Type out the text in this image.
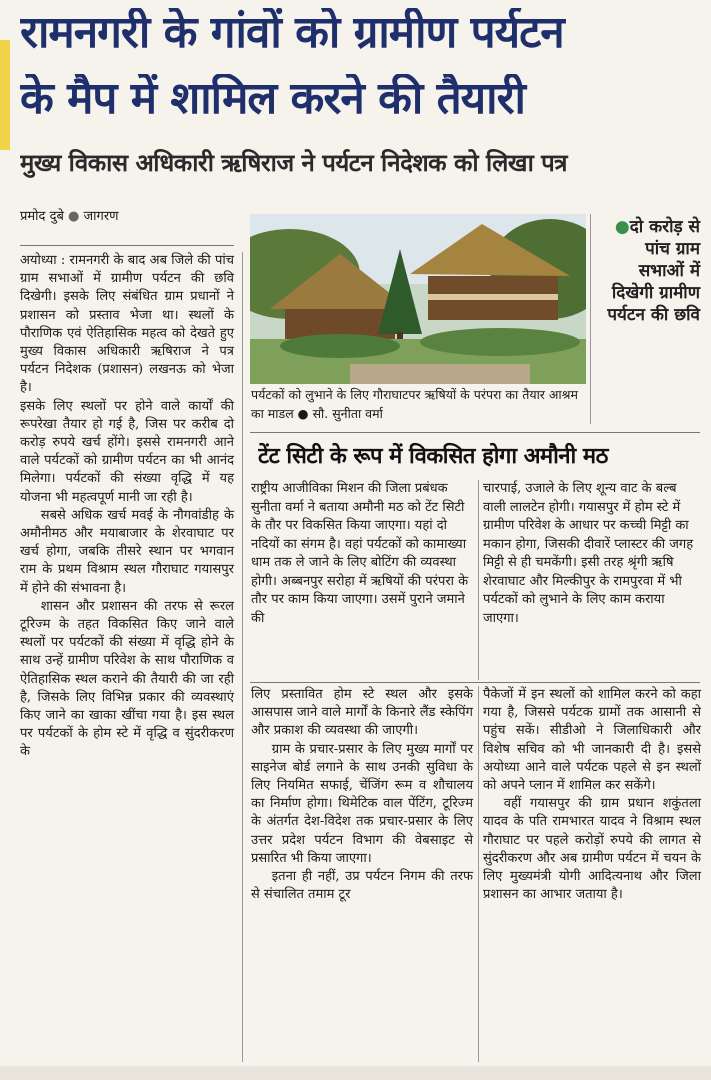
रामनगरी के गांवों को ग्रामीण पर्यटन
के मैप में शामिल करने की तैयारी
मुख्य विकास अधिकारी ऋषिराज ने पर्यटन निदेशक को लिखा पत्र
प्रमोद दुबे ● जागरण
पर्यटकों को लुभाने के लिए गौराघाटपर ऋषियों के परंपरा का तैयार आश्रम का माडल ● सौ. सुनीता वर्मा
●दो करोड़ से पांच ग्राम सभाओं में दिखेगी ग्रामीण पर्यटन की छवि
टेंट सिटी के रूप में विकसित होगा अमौनी मठ

अयोध्या : रामनगरी के बाद अब जिले की पांच ग्राम सभाओं में ग्रामीण पर्यटन की छवि दिखेगी। इसके लिए संबंधित ग्राम प्रधानों ने प्रशासन को प्रस्ताव भेजा था। स्थलों के पौराणिक एवं ऐतिहासिक महत्व को देखते हुए मुख्य विकास अधिकारी ऋषिराज ने पत्र पर्यटन निदेशक (प्रशासन) लखनऊ को भेजा है।

इसके लिए स्थलों पर होने वाले कार्यों की रूपरेखा तैयार हो गई है, जिस पर करीब दो करोड़ रुपये खर्च होंगे। इससे रामनगरी आने वाले पर्यटकों को ग्रामीण पर्यटन का भी आनंद मिलेगा। पर्यटकों की संख्या वृद्धि में यह योजना भी महत्वपूर्ण मानी जा रही है।

सबसे अधिक खर्च मवई के नौगवांडीह के अमौनीमठ और मयाबाजार के शेरवाघाट पर खर्च होगा, जबकि तीसरे स्थान पर भगवान राम के प्रथम विश्राम स्थल गौराघाट गयासपुर में होने की संभावना है।

शासन और प्रशासन की तरफ से रूरल टूरिज्म के तहत विकसित किए जाने वाले स्थलों पर पर्यटकों की संख्या में वृद्धि होने के साथ उन्हें ग्रामीण परिवेश के साथ पौराणिक व ऐतिहासिक स्थल कराने की तैयारी की जा रही है, जिसके लिए विभिन्न प्रकार की व्यवस्थाएं किए जाने का खाका खींचा गया है। इस स्थल पर पर्यटकों के होम स्टे में वृद्धि व सुंदरीकरण के

राष्ट्रीय आजीविका मिशन की जिला प्रबंधक सुनीता वर्मा ने बताया अमौनी मठ को टेंट सिटी के तौर पर विकसित किया जाएगा। यहां दो नदियों का संगम है। वहां पर्यटकों को कामाख्या धाम तक ले जाने के लिए बोटिंग की व्यवस्था होगी। अब्बनपुर सरोहा में ऋषियों की परंपरा के तौर पर काम किया जाएगा। उसमें पुराने जमाने की

चारपाई, उजाले के लिए शून्य वाट के बल्ब वाली लालटेन होगी। गयासपुर में होम स्टे में ग्रामीण परिवेश के आधार पर कच्ची मिट्टी का मकान होगा, जिसकी दीवारें प्लास्टर की जगह मिट्टी से ही चमकेंगी। इसी तरह श्रृंगी ऋषि शेरवाघाट और मिल्कीपुर के रामपुरवा में भी पर्यटकों को लुभाने के लिए काम कराया जाएगा।

लिए प्रस्तावित होम स्टे स्थल और इसके आसपास जाने वाले मार्गों के किनारे लैंड स्केपिंग और प्रकाश की व्यवस्था की जाएगी।

ग्राम के प्रचार-प्रसार के लिए मुख्य मार्गों पर साइनेज बोर्ड लगाने के साथ उनकी सुविधा के लिए नियमित सफाई, चेंजिंग रूम व शौचालय का निर्माण होगा। थिमेटिक वाल पेंटिंग, टूरिज्म के अंतर्गत देश-विदेश तक प्रचार-प्रसार के लिए उत्तर प्रदेश पर्यटन विभाग की वेबसाइट से प्रसारित भी किया जाएगा।

इतना ही नहीं, उप्र पर्यटन निगम की तरफ से संचालित तमाम टूर

पैकेजों में इन स्थलों को शामिल करने को कहा गया है, जिससे पर्यटक ग्रामों तक आसानी से पहुंच सकें। सीडीओ ने जिलाधिकारी और विशेष सचिव को भी जानकारी दी है। इससे अयोध्या आने वाले पर्यटक पहले से इन स्थलों को अपने प्लान में शामिल कर सकेंगे।

वहीं गयासपुर की ग्राम प्रधान शकुंतला यादव के पति रामभारत यादव ने विश्राम स्थल गौराघाट पर पहले करोड़ों रुपये की लागत से सुंदरीकरण और अब ग्रामीण पर्यटन में चयन के लिए मुख्यमंत्री योगी आदित्यनाथ और जिला प्रशासन का आभार जताया है।
